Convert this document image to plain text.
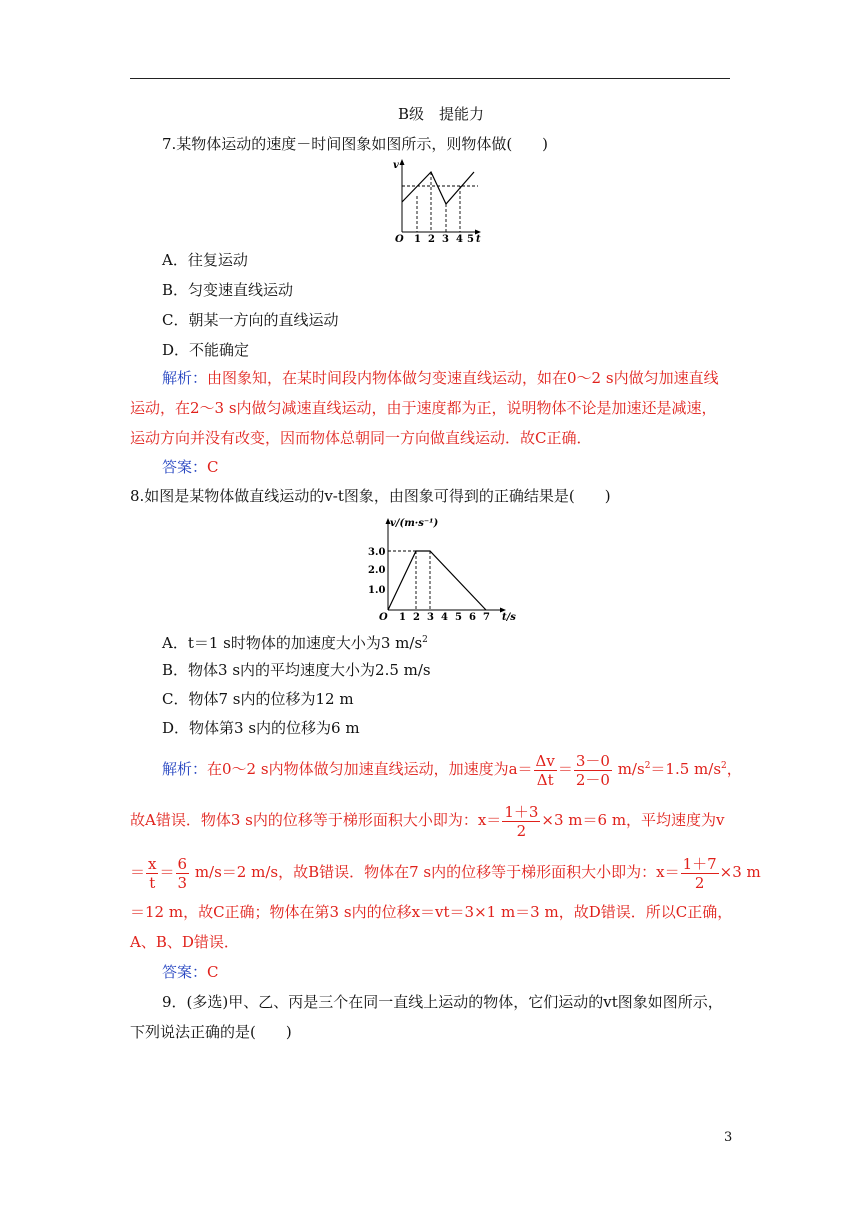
B级　提能力
7.某物体运动的速度－时间图象如图所示，则物体做(　　)
v
t
O 1 2 3 4 5
A．往复运动
B．匀变速直线运动
C．朝某一方向的直线运动
D．不能确定
解析：由图象知，在某时间段内物体做匀变速直线运动，如在0～2 s内做匀加速直线
运动，在2～3 s内做匀减速直线运动，由于速度都为正，说明物体不论是加速还是减速，
运动方向并没有改变，因而物体总朝同一方向做直线运动．故C正确．
答案：C
8.如图是某物体做直线运动的v-t图象，由图象可得到的正确结果是(　　)
v/(m·s⁻¹)
t/s
O
1.0
2.0
3.0
1 2 3 4 5 6 7
A．t＝1 s时物体的加速度大小为3 $m/s^2$
B．物体3 s内的平均速度大小为2.5 m/s
C．物体7 s内的位移为12 m
D．物体第3 s内的位移为6 m
解析：在0～2 s内物体做匀加速直线运动，加速度为$a= \frac{\Delta v}{\Delta t} = \frac{3-0}{2-0} m/s^2=1.5$ $m/s^2$，
故A错误．物体3 s内的位移等于梯形面积大小即为：$x= \frac{1+3}{2} \times 3$ m＝6 m，平均速度为v
＝ $\frac{x}{t} = \frac{6}{3} m/s=2$ m/s，故B错误．物体在7 s内的位移等于梯形面积大小即为：$x= \frac{1+7}{2} \times 3$ m
＝12 m，故C正确；物体在第3 s内的位移x＝vt＝3×1 m＝3 m，故D错误．所以C正确，
A、B、D错误．
答案：C
9．(多选)甲、乙、丙是三个在同一直线上运动的物体，它们运动的vt图象如图所示，
下列说法正确的是(　　)
3
